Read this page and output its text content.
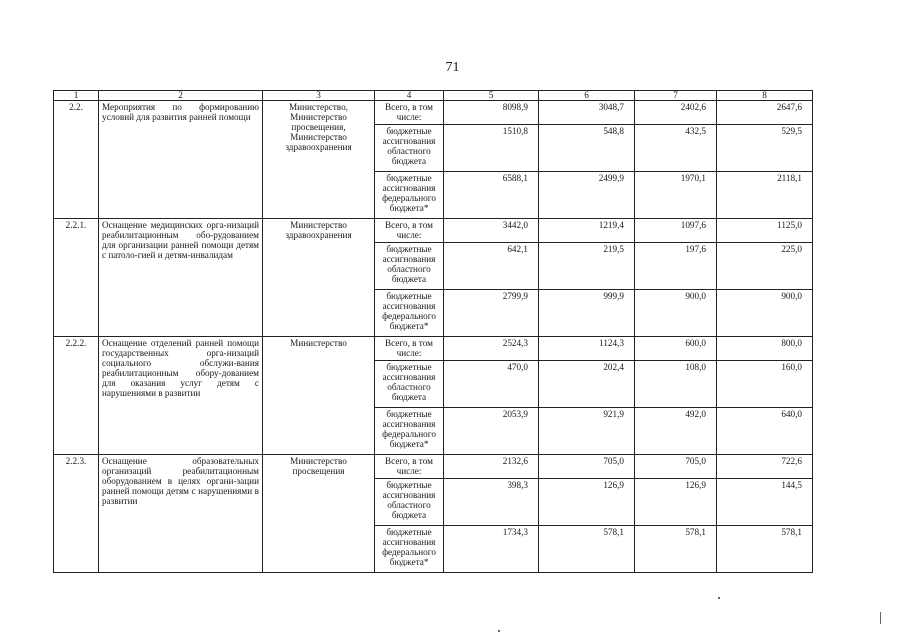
71
1	2	3	4	5	6	7	8
2.2.	Мероприятия по формированию условий для развития ранней помощи	Министерство, Министерство просвещения, Министерство здравоохранения	Всего, в том числе:	8098,9	3048,7	2402,6	2647,6
			бюджетные ассигнования областного бюджета	1510,8	548,8	432,5	529,5
			бюджетные ассигнования федерального бюджета*	6588,1	2499,9	1970,1	2118,1
2.2.1.	Оснащение медицинских орга-низаций реабилитационным обо-рудованием для организации ранней помощи детям с патоло-гией и детям-инвалидам	Министерство здравоохранения	Всего, в том числе:	3442,0	1219,4	1097,6	1125,0
			бюджетные ассигнования областного бюджета	642,1	219,5	197,6	225,0
			бюджетные ассигнования федерального бюджета*	2799,9	999,9	900,0	900,0
2.2.2.	Оснащение отделений ранней помощи государственных орга-низаций социального обслужи-вания реабилитационным обору-дованием для оказания услуг детям с нарушениями в развитии	Министерство	Всего, в том числе:	2524,3	1124,3	600,0	800,0
			бюджетные ассигнования областного бюджета	470,0	202,4	108,0	160,0
			бюджетные ассигнования федерального бюджета*	2053,9	921,9	492,0	640,0
2.2.3.	Оснащение образовательных организаций реабилитационным оборудованием в целях органи-зации ранней помощи детям с нарушениями в развитии	Министерство просвещения	Всего, в том числе:	2132,6	705,0	705,0	722,6
			бюджетные ассигнования областного бюджета	398,3	126,9	126,9	144,5
			бюджетные ассигнования федерального бюджета*	1734,3	578,1	578,1	578,1
